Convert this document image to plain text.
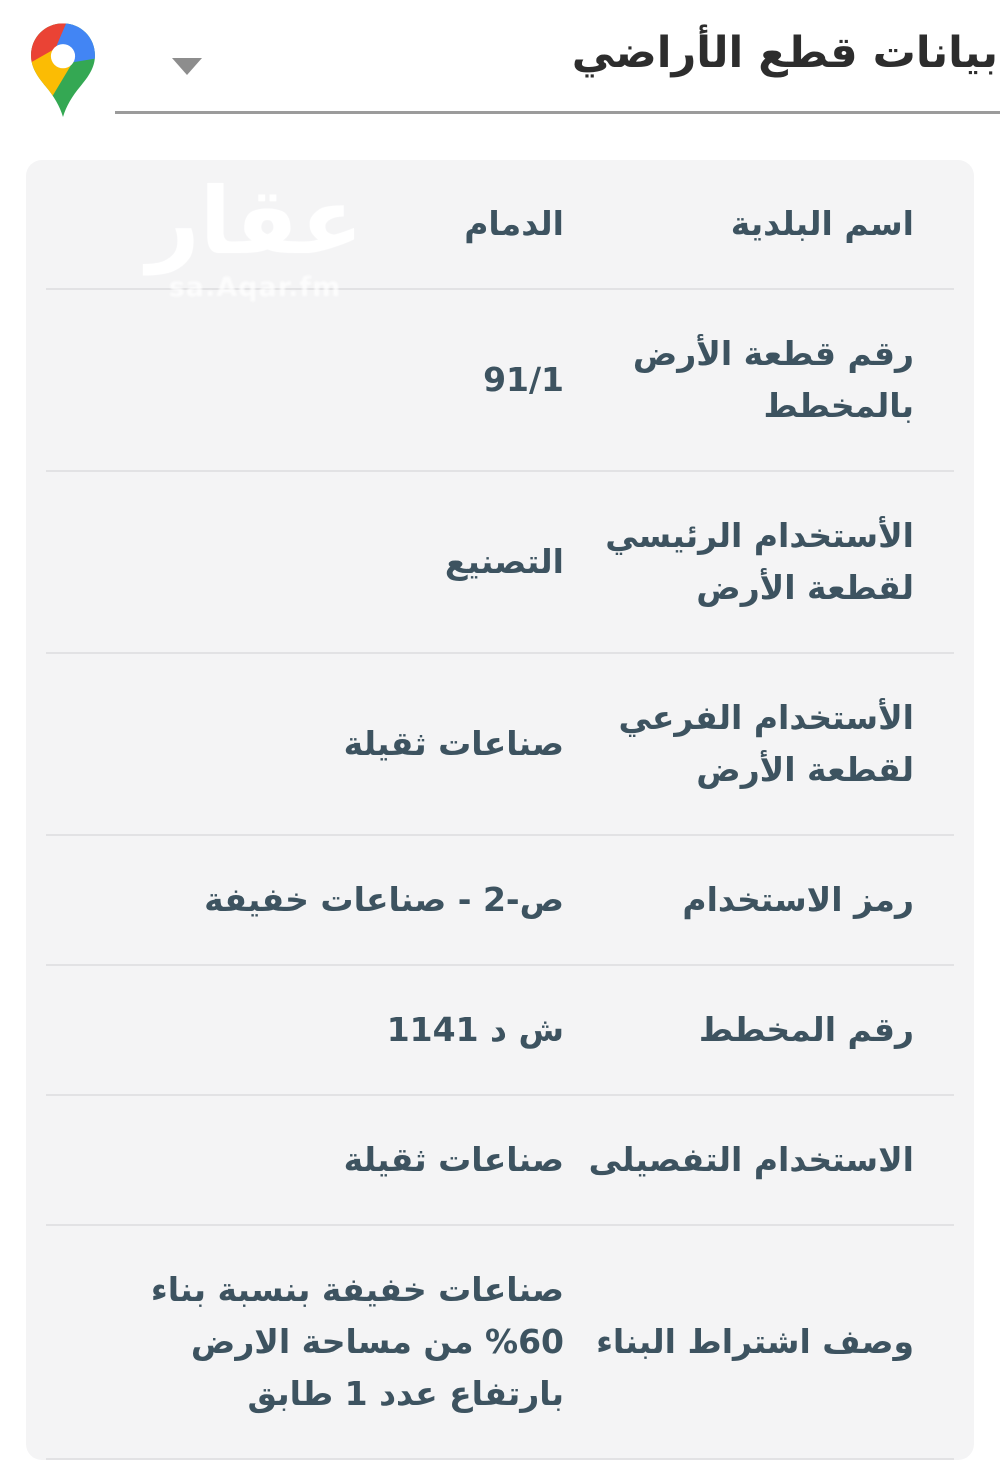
بيانات قطع الأراضي
اسم البلدية
الدمام
رقم قطعة الأرض بالمخطط
91/1
الأستخدام الرئيسي لقطعة الأرض
التصنيع
الأستخدام الفرعي لقطعة الأرض
صناعات ثقيلة
رمز الاستخدام
ص-2 - صناعات خفيفة
رقم المخطط
ش د 1141
الاستخدام التفصيلى
صناعات ثقيلة
وصف اشتراط البناء
صناعات خفيفة بنسبة بناء 60% من مساحة الارض بارتفاع عدد 1 طابق
عقار
sa.Aqar.fm
